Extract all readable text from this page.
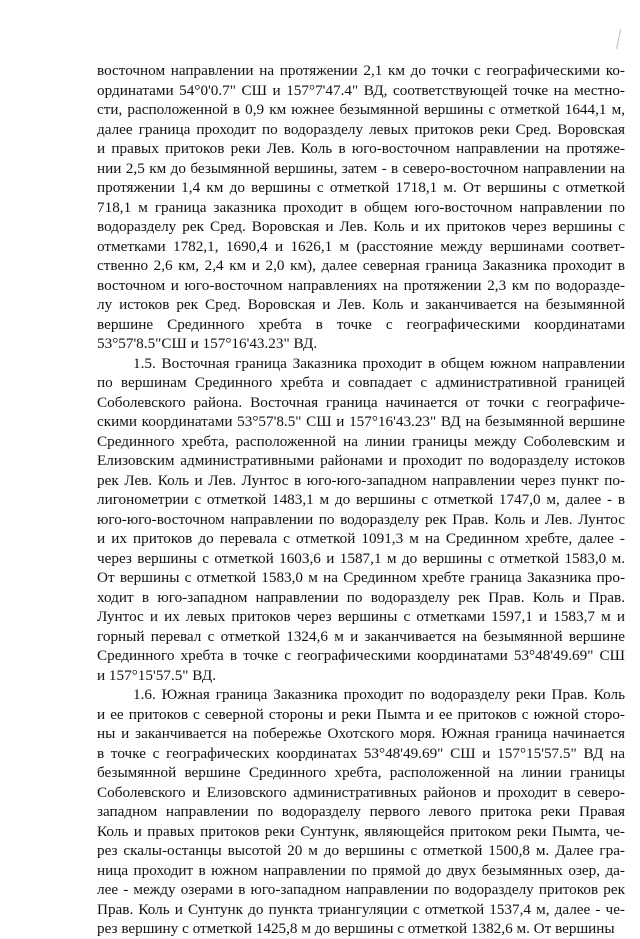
восточном направлении на протяжении 2,1 км до точки с географическими ко-
ординатами 54°0'0.7" СШ и 157°7'47.4" ВД, соответствующей точке на местно-
сти, расположенной в 0,9 км южнее безымянной вершины с отметкой 1644,1 м,
далее граница проходит по водоразделу левых притоков реки Сред. Воровская
и правых притоков реки Лев. Коль в юго-восточном направлении на протяже-
нии 2,5 км до безымянной вершины, затем - в северо-восточном направлении на
протяжении 1,4 км до вершины с отметкой 1718,1 м. От вершины с отметкой
718,1 м граница заказника проходит в общем юго-восточном направлении по
водоразделу рек Сред. Воровская и Лев. Коль и их притоков через вершины с
отметками 1782,1, 1690,4 и 1626,1 м (расстояние между вершинами соответ-
ственно 2,6 км, 2,4 км и 2,0 км), далее северная граница Заказника проходит в
восточном и юго-восточном направлениях на протяжении 2,3 км по водоразде-
лу истоков рек Сред. Воровская и Лев. Коль и заканчивается на безымянной
вершине Срединного хребта в точке с географическими координатами
53°57'8.5"СШ и 157°16'43.23" ВД.
1.5. Восточная граница Заказника проходит в общем южном направлении
по вершинам Срединного хребта и совпадает с административной границей
Соболевского района. Восточная граница начинается от точки с географиче-
скими координатами 53°57'8.5" СШ и 157°16'43.23" ВД на безымянной вершине
Срединного хребта, расположенной на линии границы между Соболевским и
Елизовским административными районами и проходит по водоразделу истоков
рек Лев. Коль и Лев. Лунтос в юго-юго-западном направлении через пункт по-
лигонометрии с отметкой 1483,1 м до вершины с отметкой 1747,0 м, далее - в
юго-юго-восточном направлении по водоразделу рек Прав. Коль и Лев. Лунтос
и их притоков до перевала с отметкой 1091,3 м на Срединном хребте, далее -
через вершины с отметкой 1603,6 и 1587,1 м до вершины с отметкой 1583,0 м.
От вершины с отметкой 1583,0 м на Срединном хребте граница Заказника про-
ходит в юго-западном направлении по водоразделу рек Прав. Коль и Прав.
Лунтос и их левых притоков через вершины с отметками 1597,1 и 1583,7 м и
горный перевал с отметкой 1324,6 м и заканчивается на безымянной вершине
Срединного хребта в точке с географическими координатами 53°48'49.69" СШ
и 157°15'57.5" ВД.
1.6. Южная граница Заказника проходит по водоразделу реки Прав. Коль
и ее притоков с северной стороны и реки Пымта и ее притоков с южной сторо-
ны и заканчивается на побережье Охотского моря. Южная граница начинается
в точке с географических координатах 53°48'49.69" СШ и 157°15'57.5" ВД на
безымянной вершине Срединного хребта, расположенной на линии границы
Соболевского и Елизовского административных районов и проходит в северо-
западном направлении по водоразделу первого левого притока реки Правая
Коль и правых притоков реки Сунтунк, являющейся притоком реки Пымта, че-
рез скалы-останцы высотой 20 м до вершины с отметкой 1500,8 м. Далее гра-
ница проходит в южном направлении по прямой до двух безымянных озер, да-
лее - между озерами в юго-западном направлении по водоразделу притоков рек
Прав. Коль и Сунтунк до пункта триангуляции с отметкой 1537,4 м, далее - че-
рез вершину с отметкой 1425,8 м до вершины с отметкой 1382,6 м. От вершины
